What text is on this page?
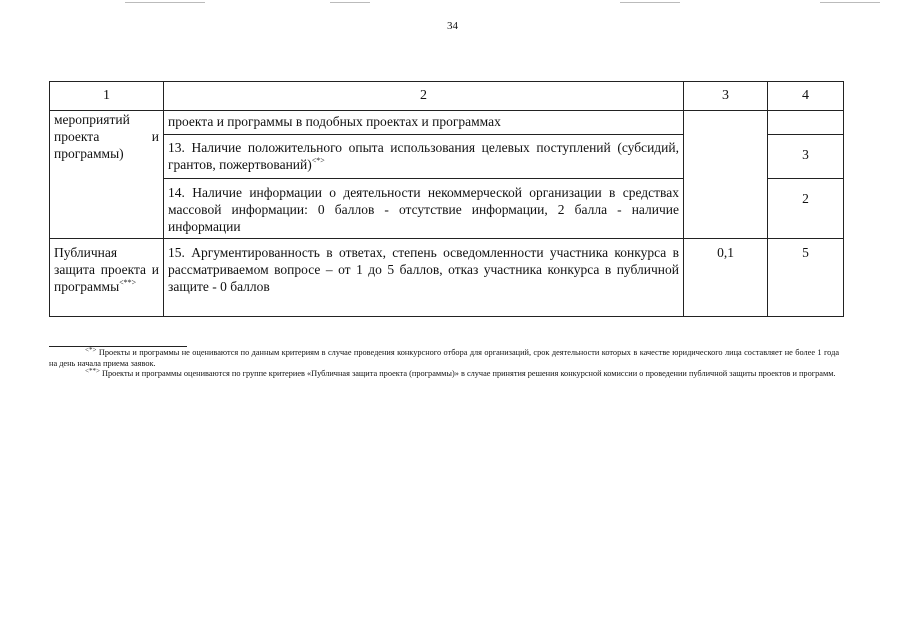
34
1	2	3	4

мероприятий
проекта и
программы)	проекта и программы в подобных проектах и программах		
	13. Наличие положительного опыта использования целевых поступлений (субсидий, грантов, пожертвований)<*>		3
	14. Наличие информации о деятельности некоммерческой организации в средствах массовой информации: 0 баллов - отсутствие информации, 2 балла - наличие информации		2
Публичная защита проекта и программы<**>	15. Аргументированность в ответах, степень осведомленности участника конкурса в рассматриваемом вопросе – от 1 до 5 баллов, отказ участника конкурса в публичной защите - 0 баллов	0,1	5

<*> Проекты и программы не оцениваются по данным критериям в случае проведения конкурсного отбора для организаций, срок деятельности которых в качестве юридического лица составляет не более 1 года на день начала приема заявок.

<**> Проекты и программы оцениваются по группе критериев «Публичная защита проекта (программы)» в случае принятия решения конкурсной комиссии о проведении публичной защиты проектов и программ.
